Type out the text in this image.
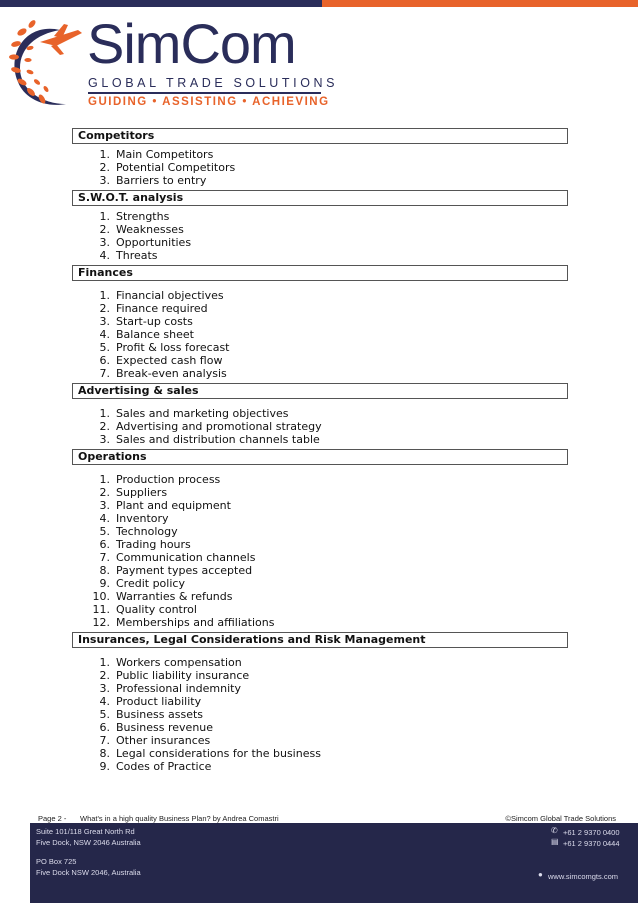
SimCom
GLOBAL TRADE SOLUTIONS
GUIDING • ASSISTING • ACHIEVING
Competitors
1. Main Competitors
2. Potential Competitors
3. Barriers to entry
S.W.O.T. analysis
1. Strengths
2. Weaknesses
3. Opportunities
4. Threats
Finances
1. Financial objectives
2. Finance required
3. Start-up costs
4. Balance sheet
5. Profit & loss forecast
6. Expected cash flow
7. Break-even analysis
Advertising & sales
1. Sales and marketing objectives
2. Advertising and promotional strategy
3. Sales and distribution channels table
Operations
1. Production process
2. Suppliers
3. Plant and equipment
4. Inventory
5. Technology
6. Trading hours
7. Communication channels
8. Payment types accepted
9. Credit policy
10. Warranties & refunds
11. Quality control
12. Memberships and affiliations
Insurances, Legal Considerations and Risk Management
1. Workers compensation
2. Public liability insurance
3. Professional indemnity
4. Product liability
5. Business assets
6. Business revenue
7. Other insurances
8. Legal considerations for the business
9. Codes of Practice
Page 2 - What's in a high quality Business Plan? by Andrea Comastri	©Simcom Global Trade Solutions
Suite 101/118 Great North Rd
Five Dock, NSW 2046 Australia
PO Box 725
Five Dock NSW 2046, Australia
✆ +61 2 9370 0400
▤ +61 2 9370 0444
● www.simcomgts.com
